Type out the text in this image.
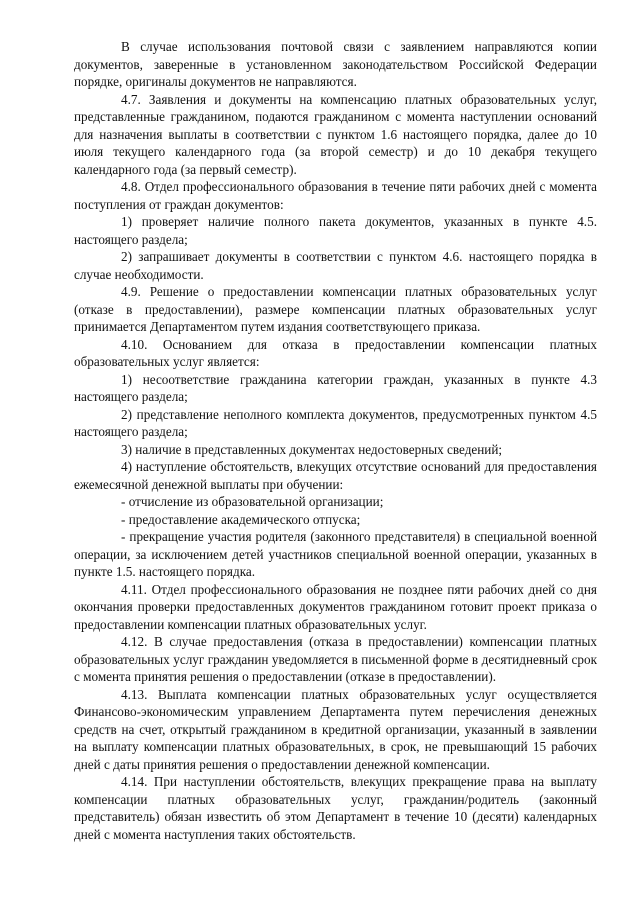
В случае использования почтовой связи с заявлением направляются копии документов, заверенные в установленном законодательством Российской Федерации порядке, оригиналы документов не направляются.

4.7. Заявления и документы на компенсацию платных образовательных услуг, представленные гражданином, подаются гражданином с момента наступлении оснований для назначения выплаты в соответствии с пунктом 1.6 настоящего порядка, далее до 10 июля текущего календарного года (за второй семестр) и до 10 декабря текущего календарного года (за первый семестр).

4.8. Отдел профессионального образования в течение пяти рабочих дней с момента поступления от граждан документов:

1) проверяет наличие полного пакета документов, указанных в пункте 4.5. настоящего раздела;

2) запрашивает документы в соответствии с пунктом 4.6. настоящего порядка в случае необходимости.

4.9. Решение о предоставлении компенсации платных образовательных услуг (отказе в предоставлении), размере компенсации платных образовательных услуг принимается Департаментом путем издания соответствующего приказа.

4.10. Основанием для отказа в предоставлении компенсации платных образовательных услуг является:

1) несоответствие гражданина категории граждан, указанных в пункте 4.3 настоящего раздела;

2) представление неполного комплекта документов, предусмотренных пунктом 4.5 настоящего раздела;

3) наличие в представленных документах недостоверных сведений;

4) наступление обстоятельств, влекущих отсутствие оснований для предоставления ежемесячной денежной выплаты при обучении:

- отчисление из образовательной организации;

- предоставление академического отпуска;

- прекращение участия родителя (законного представителя) в специальной военной операции, за исключением детей участников специальной военной операции, указанных в пункте 1.5. настоящего порядка.

4.11. Отдел профессионального образования не позднее пяти рабочих дней со дня окончания проверки предоставленных документов гражданином готовит проект приказа о предоставлении компенсации платных образовательных услуг.

4.12. В случае предоставления (отказа в предоставлении) компенсации платных образовательных услуг гражданин уведомляется в письменной форме в десятидневный срок с момента принятия решения о предоставлении (отказе в предоставлении).

4.13. Выплата компенсации платных образовательных услуг осуществляется Финансово-экономическим управлением Департамента путем перечисления денежных средств на счет, открытый гражданином в кредитной организации, указанный в заявлении на выплату компенсации платных образовательных, в срок, не превышающий 15 рабочих дней с даты принятия решения о предоставлении денежной компенсации.

4.14. При наступлении обстоятельств, влекущих прекращение права на выплату компенсации платных образовательных услуг, гражданин/родитель (законный представитель) обязан известить об этом Департамент в течение 10 (десяти) календарных дней с момента наступления таких обстоятельств.
